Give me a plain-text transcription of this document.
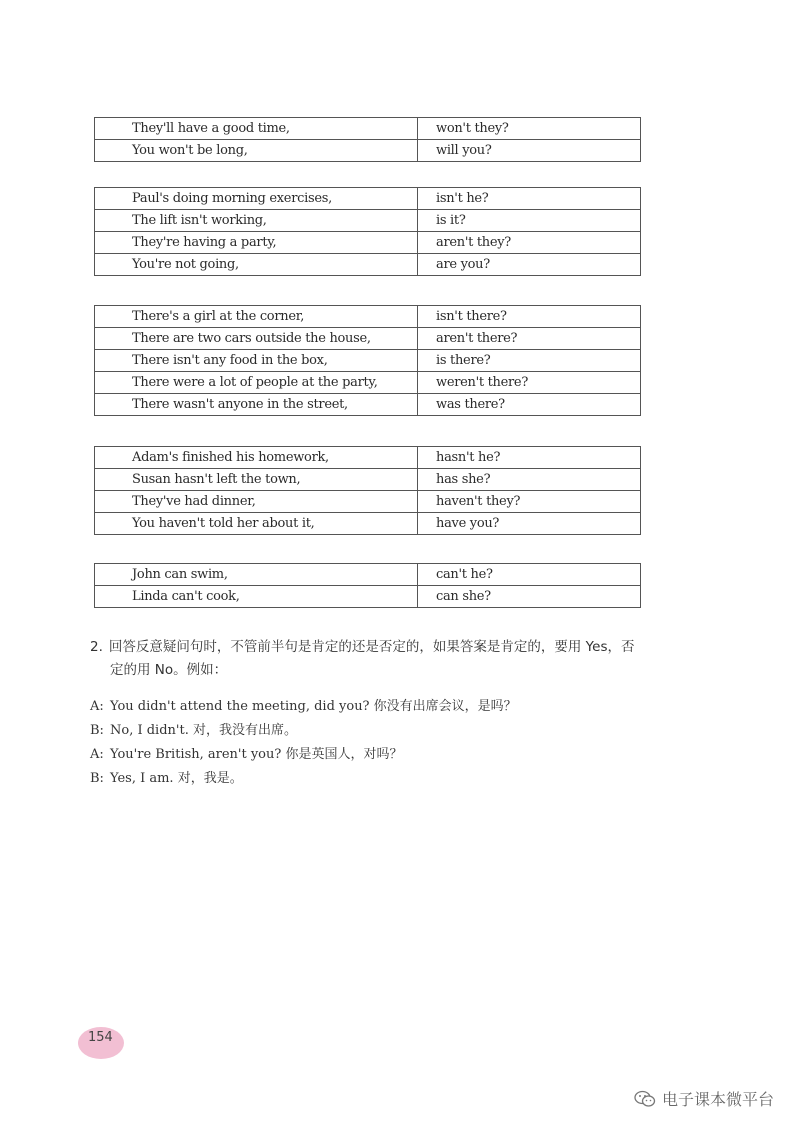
They'll have a good time,	won't they?
You won't be long,	will you?
Paul's doing morning exercises,	isn't he?
The lift isn't working,	is it?
They're having a party,	aren't they?
You're not going,	are you?
There's a girl at the corner,	isn't there?
There are two cars outside the house,	aren't there?
There isn't any food in the box,	is there?
There were a lot of people at the party,	weren't there?
There wasn't anyone in the street,	was there?
Adam's finished his homework,	hasn't he?
Susan hasn't left the town,	has she?
They've had dinner,	haven't they?
You haven't told her about it,	have you?
John can swim,	can't he?
Linda can't cook,	can she?
2. 回答反意疑问句时，不管前半句是肯定的还是否定的，如果答案是肯定的，要用 Yes，否
定的用 No。例如：
A: You didn't attend the meeting, did you? 你没有出席会议，是吗？
B: No, I didn't. 对，我没有出席。
A: You're British, aren't you? 你是英国人，对吗？
B: Yes, I am. 对，我是。
154
电子课本微平台
